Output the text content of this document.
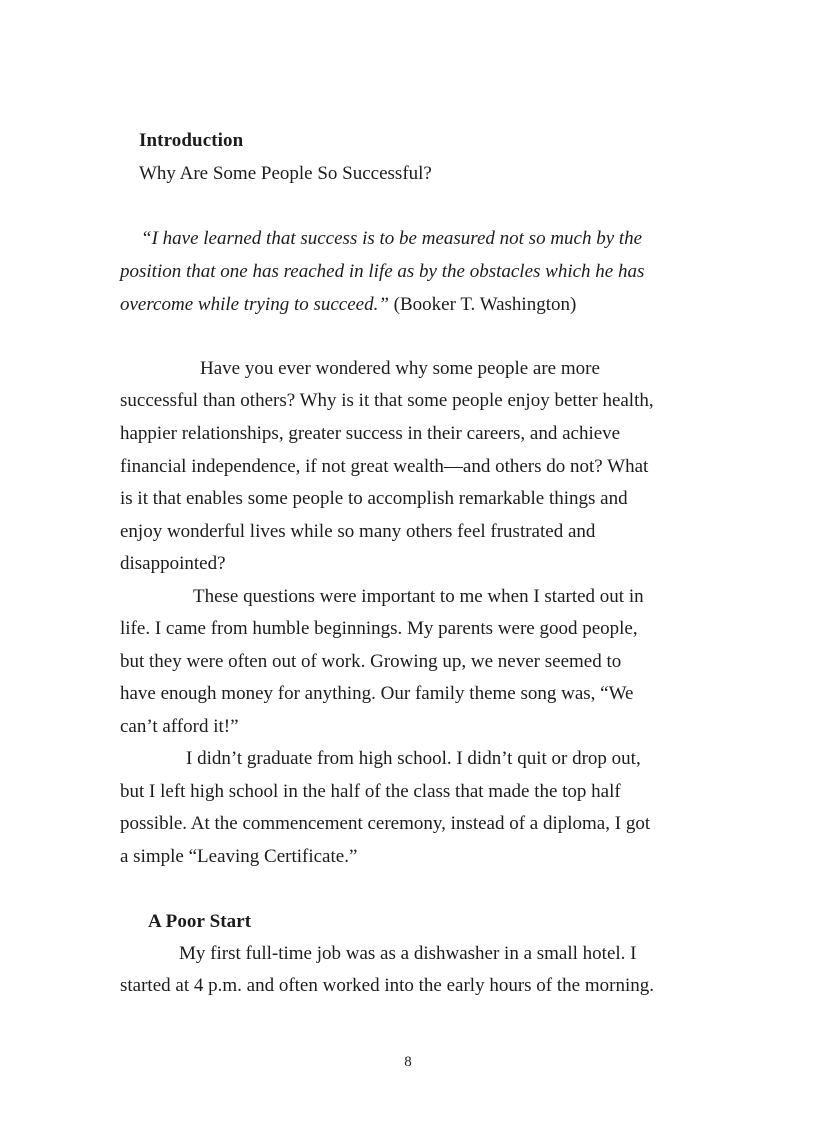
Introduction
Why Are Some People So Successful?
“I have learned that success is to be measured not so much by the
position that one has reached in life as by the obstacles which he has
overcome while trying to succeed.” (Booker T. Washington)
Have you ever wondered why some people are more
successful than others? Why is it that some people enjoy better health,
happier relationships, greater success in their careers, and achieve
financial independence, if not great wealth—and others do not? What
is it that enables some people to accomplish remarkable things and
enjoy wonderful lives while so many others feel frustrated and
disappointed?
These questions were important to me when I started out in
life. I came from humble beginnings. My parents were good people,
but they were often out of work. Growing up, we never seemed to
have enough money for anything. Our family theme song was, “We
can’t afford it!”
I didn’t graduate from high school. I didn’t quit or drop out,
but I left high school in the half of the class that made the top half
possible. At the commencement ceremony, instead of a diploma, I got
a simple “Leaving Certificate.”
A Poor Start
My first full-time job was as a dishwasher in a small hotel. I
started at 4 p.m. and often worked into the early hours of the morning.
8
